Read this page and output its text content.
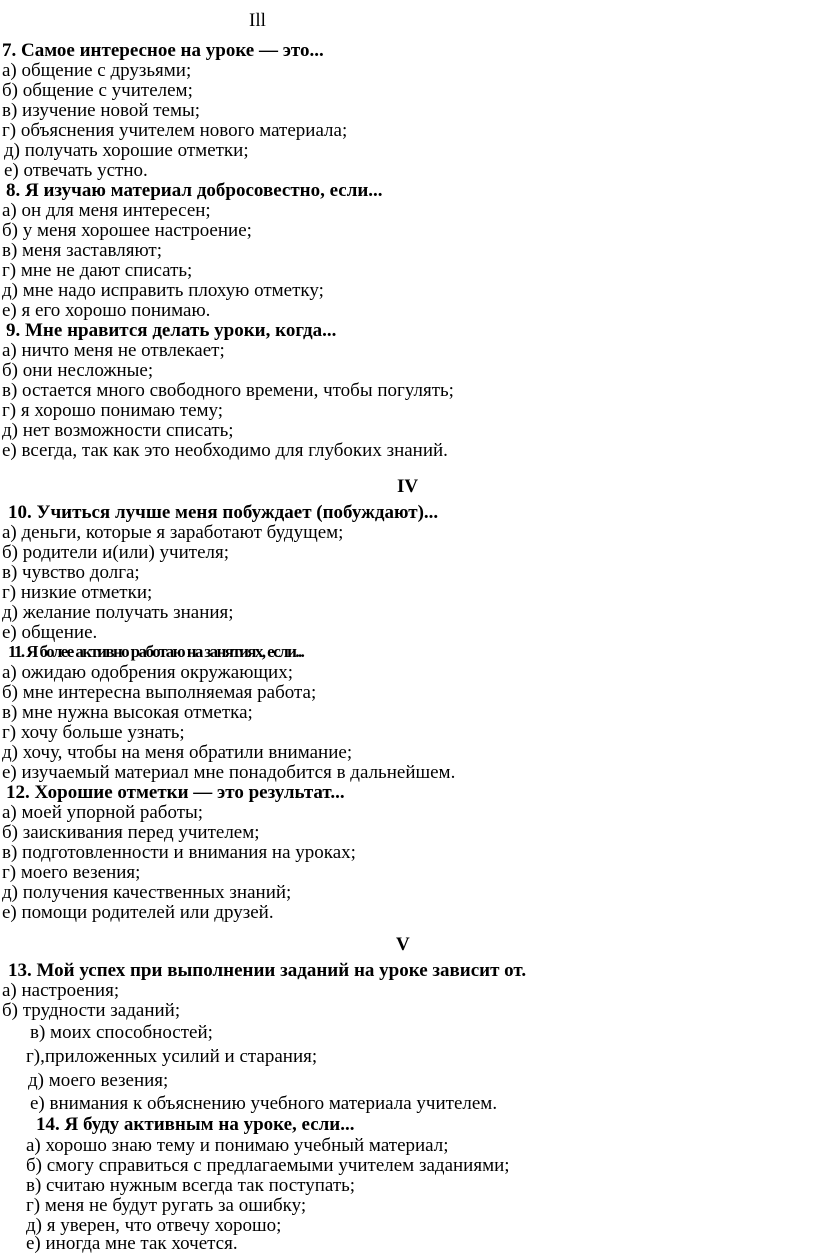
Ill
7. Самое интересное на уроке — это...
а) общение с друзьями;
б) общение с учителем;
в) изучение новой темы;
г) объяснения учителем нового материала;
д) получать хорошие отметки;
е) отвечать устно.
8. Я изучаю материал добросовестно, если...
а) он для меня интересен;
б) у меня хорошее настроение;
в) меня заставляют;
г) мне не дают списать;
д) мне надо исправить плохую отметку;
е) я его хорошо понимаю.
9. Мне нравится делать уроки, когда...
а) ничто меня не отвлекает;
б) они несложные;
в) остается много свободного времени, чтобы погулять;
г) я хорошо понимаю тему;
д) нет возможности списать;
е) всегда, так как это необходимо для глубоких знаний.
IV
10. Учиться лучше меня побуждает (побуждают)...
а) деньги, которые я заработают будущем;
б) родители и(или) учителя;
в) чувство долга;
г) низкие отметки;
д) желание получать знания;
е) общение.
11. Я более активно работаю на занятиях, если...
а) ожидаю одобрения окружающих;
б) мне интересна выполняемая работа;
в) мне нужна высокая отметка;
г) хочу больше узнать;
д) хочу, чтобы на меня обратили внимание;
е) изучаемый материал мне понадобится в дальнейшем.
12. Хорошие отметки — это результат...
а) моей упорной работы;
б) заискивания перед учителем;
в) подготовленности и внимания на уроках;
г) моего везения;
д) получения качественных знаний;
е) помощи родителей или друзей.
V
13. Мой успех при выполнении заданий на уроке зависит от.
а) настроения;
б) трудности заданий;
в) моих способностей;
г),приложенных усилий и старания;
д) моего везения;
е) внимания к объяснению учебного материала учителем.
14. Я буду активным на уроке, если...
а) хорошо знаю тему и понимаю учебный материал;
б) смогу справиться с предлагаемыми учителем заданиями;
в) считаю нужным всегда так поступать;
г) меня не будут ругать за ошибку;
д) я уверен, что отвечу хорошо;
е) иногда мне так хочется.
